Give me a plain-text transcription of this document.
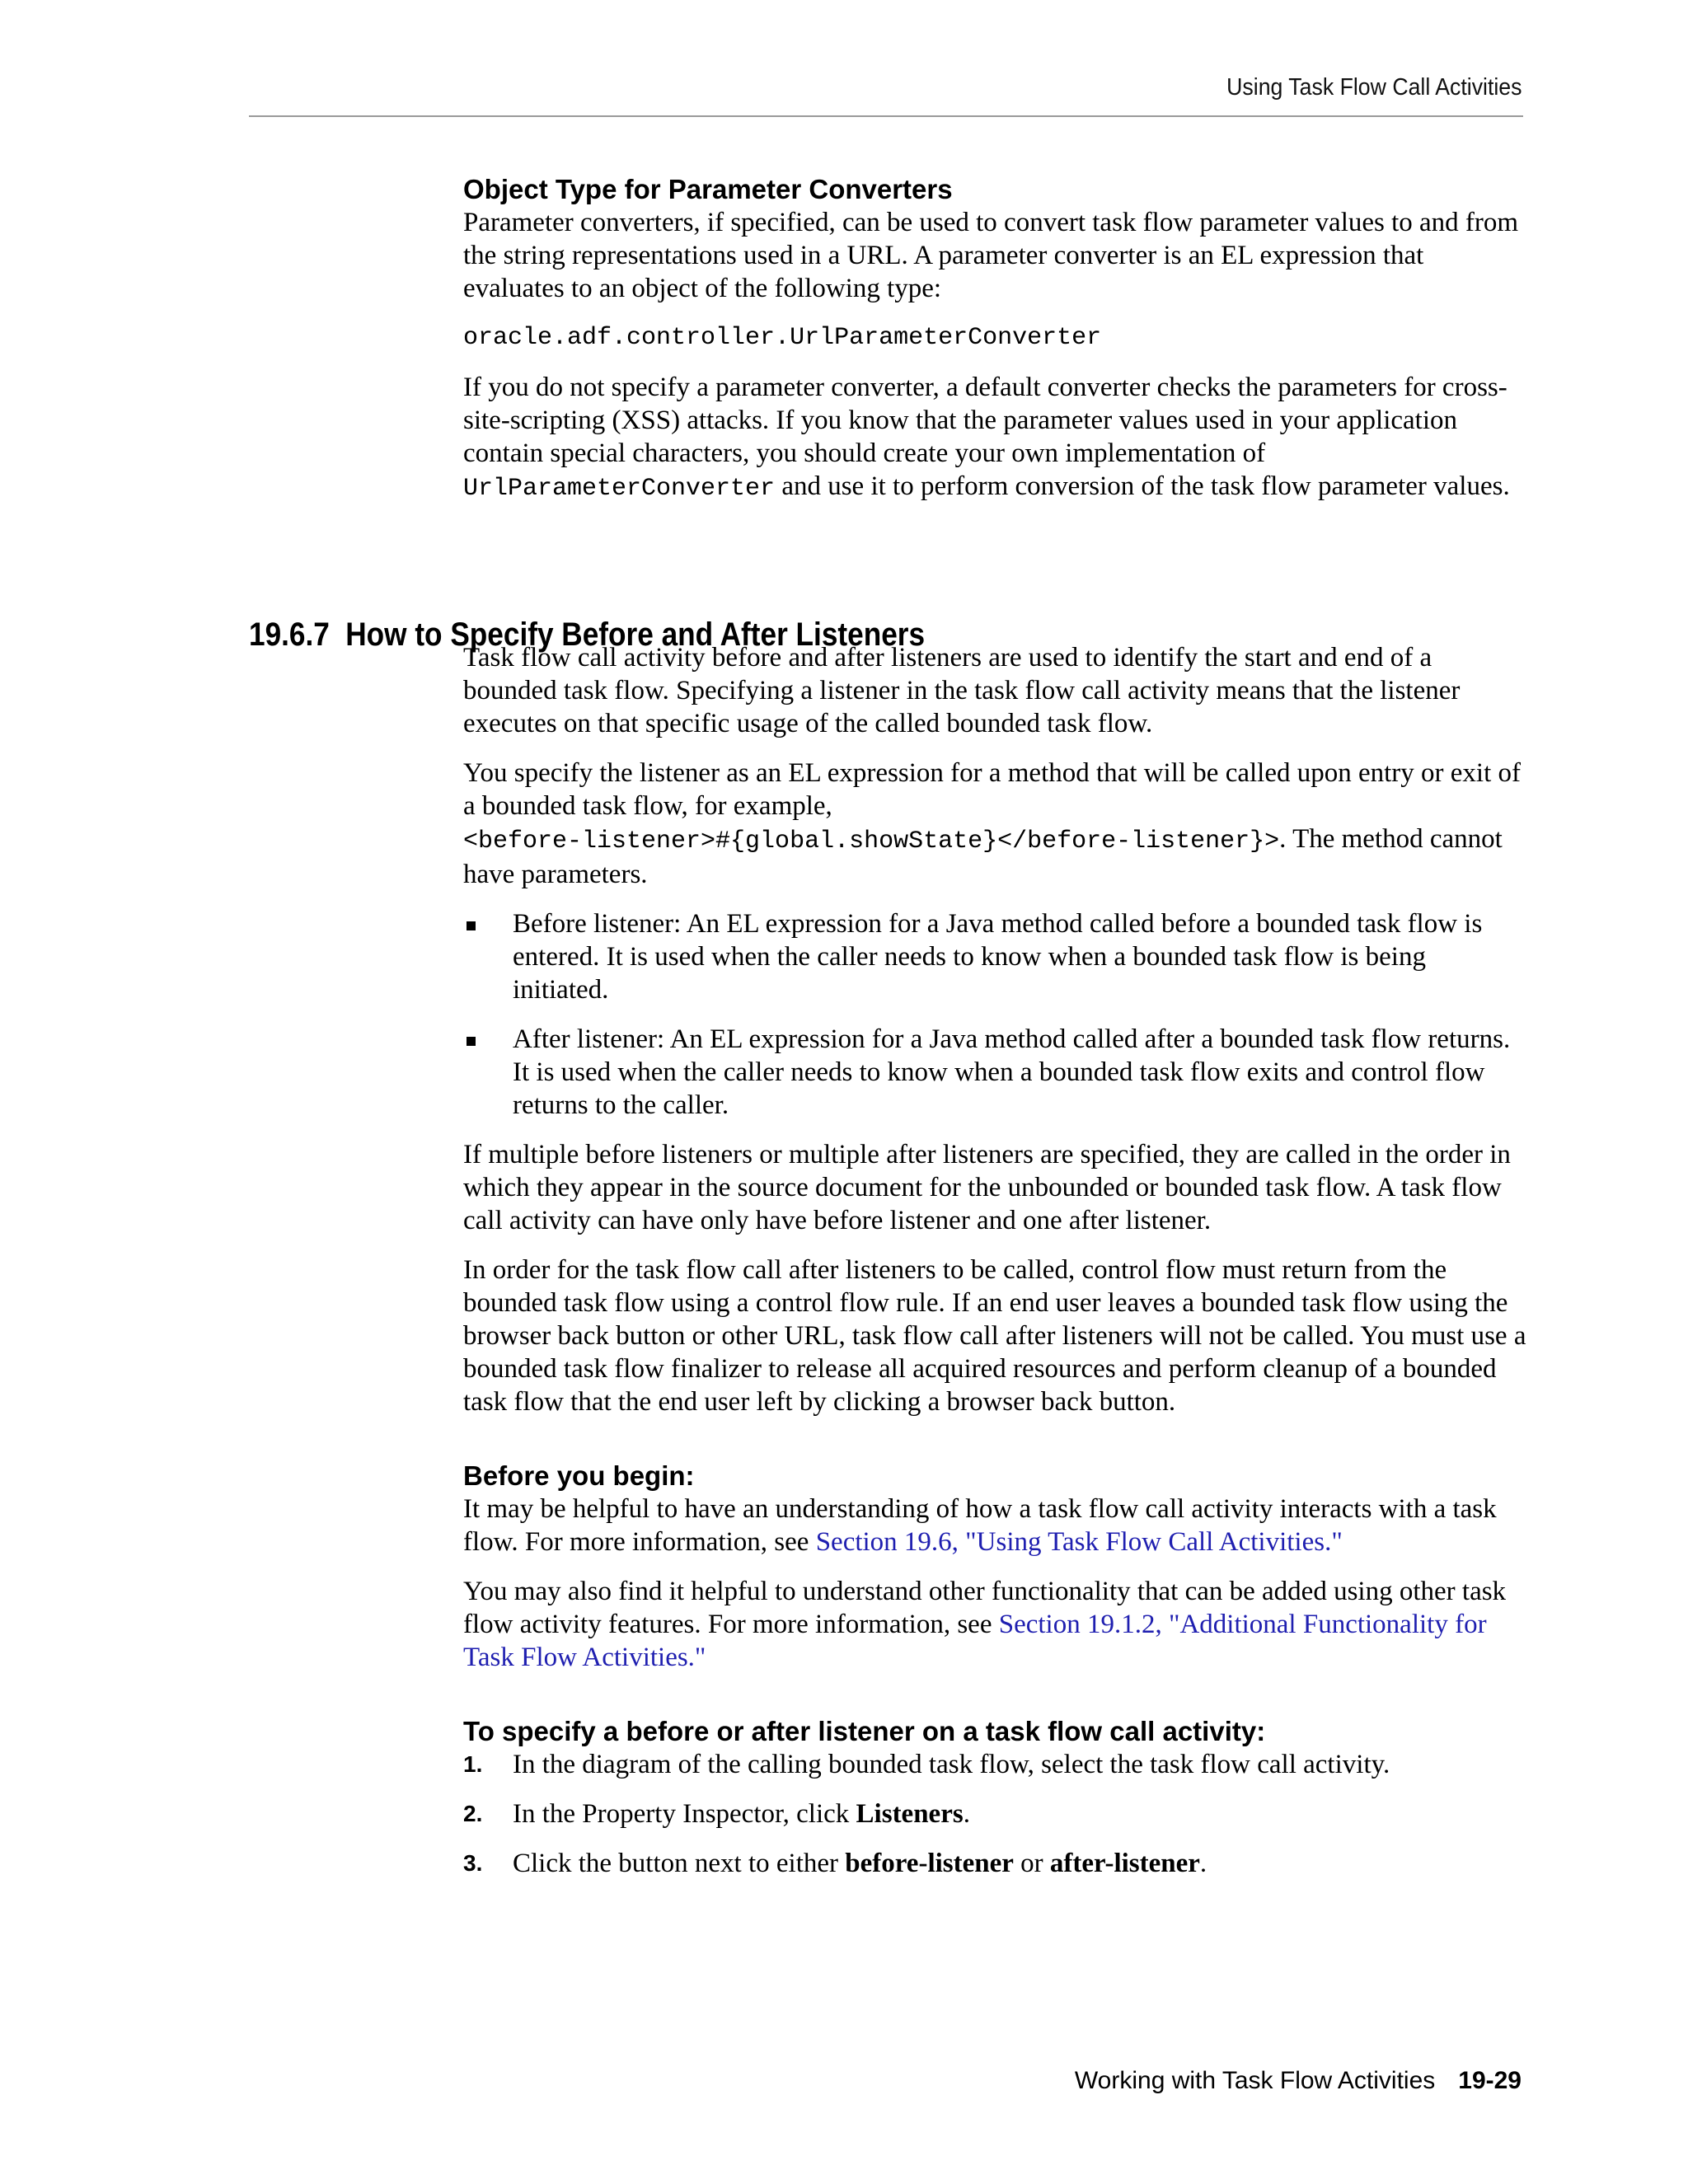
Using Task Flow Call Activities
Object Type for Parameter Converters

Parameter converters, if specified, can be used to convert task flow parameter values to and from the string representations used in a URL. A parameter converter is an EL expression that evaluates to an object of the following type:

oracle.adf.controller.UrlParameterConverter

If you do not specify a parameter converter, a default converter checks the parameters for cross-site-scripting (XSS) attacks. If you know that the parameter values used in your application contain special characters, you should create your own implementation of UrlParameterConverter and use it to perform conversion of the task flow parameter values.

19.6.7 How to Specify Before and After Listeners

Task flow call activity before and after listeners are used to identify the start and end of a bounded task flow. Specifying a listener in the task flow call activity means that the listener executes on that specific usage of the called bounded task flow.

You specify the listener as an EL expression for a method that will be called upon entry or exit of a bounded task flow, for example,
<before-listener>#{global.showState}</before-listener}>. The method cannot have parameters.

Before listener: An EL expression for a Java method called before a bounded task flow is entered. It is used when the caller needs to know when a bounded task flow is being initiated.
After listener: An EL expression for a Java method called after a bounded task flow returns. It is used when the caller needs to know when a bounded task flow exits and control flow returns to the caller.

If multiple before listeners or multiple after listeners are specified, they are called in the order in which they appear in the source document for the unbounded or bounded task flow. A task flow call activity can have only have before listener and one after listener.

In order for the task flow call after listeners to be called, control flow must return from the bounded task flow using a control flow rule. If an end user leaves a bounded task flow using the browser back button or other URL, task flow call after listeners will not be called. You must use a bounded task flow finalizer to release all acquired resources and perform cleanup of a bounded task flow that the end user left by clicking a browser back button.

Before you begin:

It may be helpful to have an understanding of how a task flow call activity interacts with a task flow. For more information, see Section 19.6, "Using Task Flow Call Activities."

You may also find it helpful to understand other functionality that can be added using other task flow activity features. For more information, see Section 19.1.2, "Additional Functionality for Task Flow Activities."

To specify a before or after listener on a task flow call activity:
1. In the diagram of the calling bounded task flow, select the task flow call activity.
2. In the Property Inspector, click Listeners.
3. Click the button next to either before-listener or after-listener.
Working with Task Flow Activities 19-29
